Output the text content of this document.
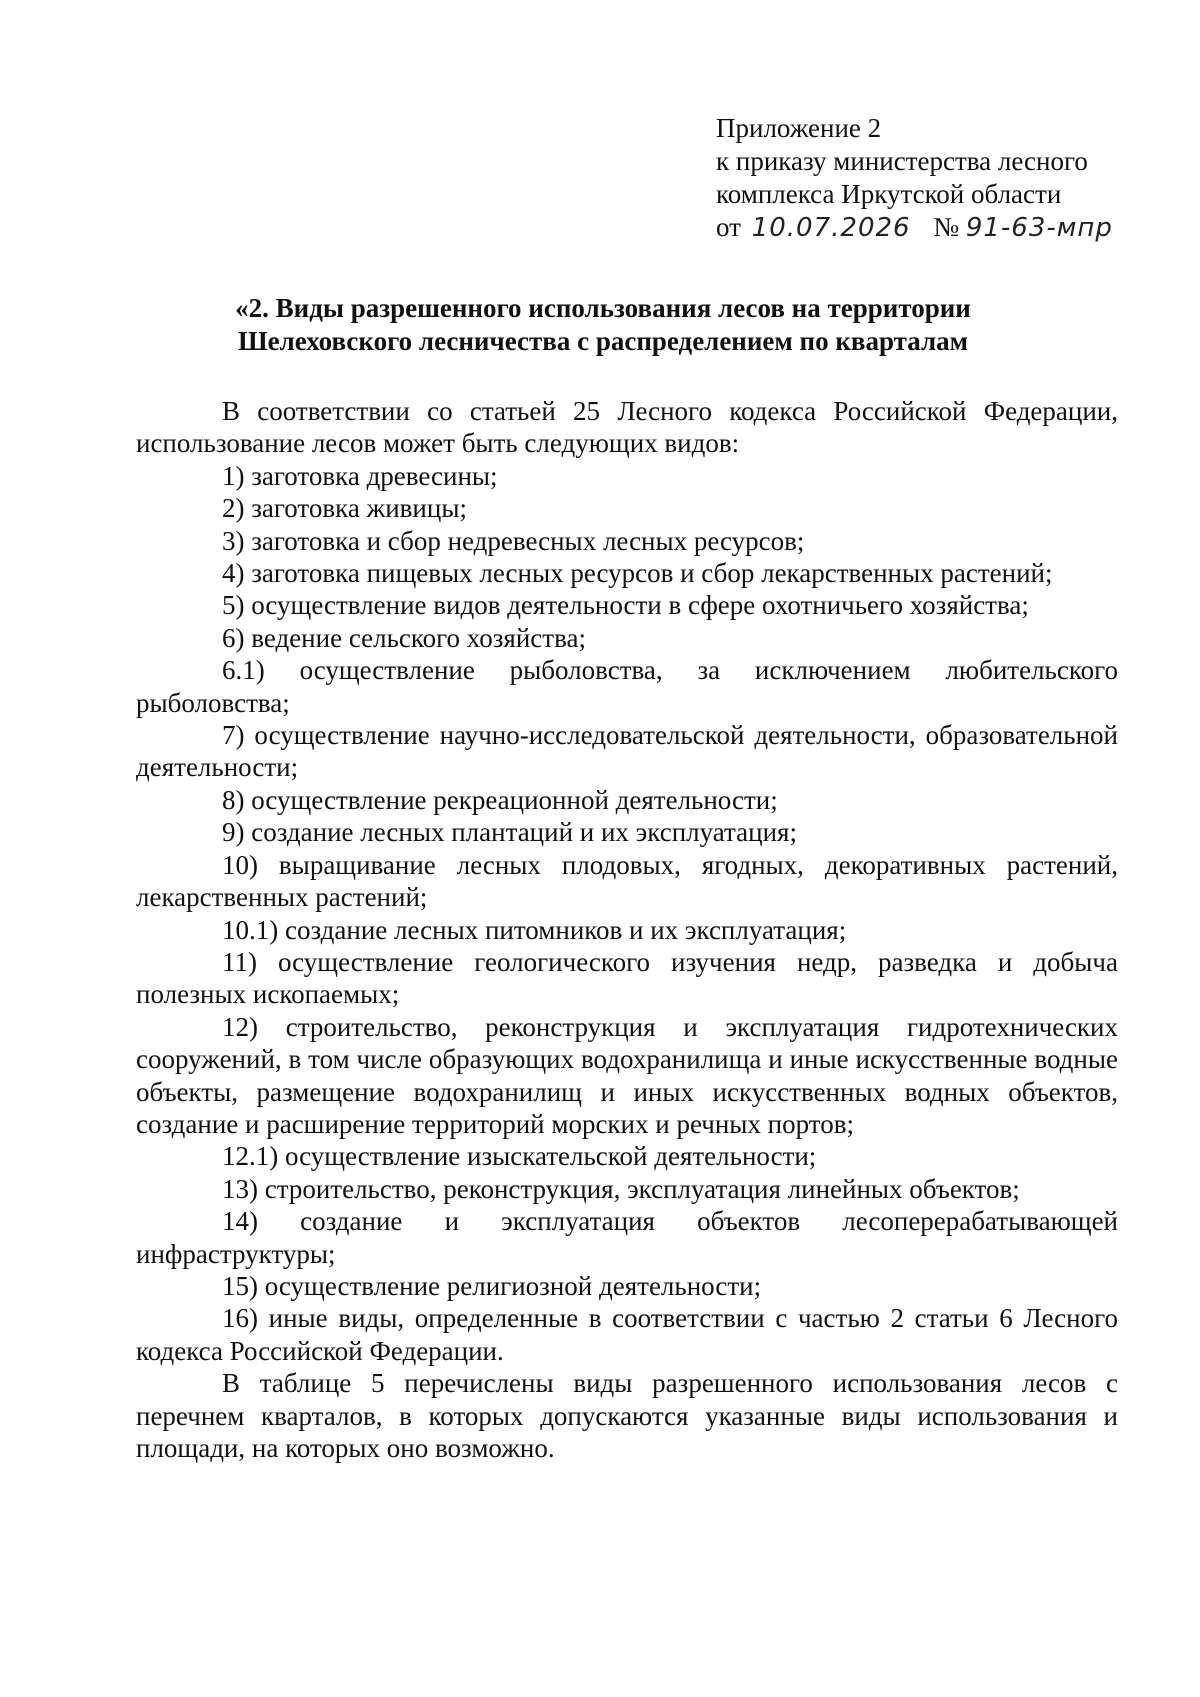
Приложение 2
к приказу министерства лесного
комплекса Иркутской области
от 10.07.2026 № 91-63-мпр
«2. Виды разрешенного использования лесов на территории
Шелеховского лесничества с распределением по кварталам

В соответствии со статьей 25 Лесного кодекса Российской Федерации, использование лесов может быть следующих видов:

1) заготовка древесины;

2) заготовка живицы;

3) заготовка и сбор недревесных лесных ресурсов;

4) заготовка пищевых лесных ресурсов и сбор лекарственных растений;

5) осуществление видов деятельности в сфере охотничьего хозяйства;

6) ведение сельского хозяйства;

6.1) осуществление рыболовства, за исключением любительского рыболовства;

7) осуществление научно-исследовательской деятельности, образовательной деятельности;

8) осуществление рекреационной деятельности;

9) создание лесных плантаций и их эксплуатация;

10) выращивание лесных плодовых, ягодных, декоративных растений, лекарственных растений;

10.1) создание лесных питомников и их эксплуатация;

11) осуществление геологического изучения недр, разведка и добыча полезных ископаемых;

12) строительство, реконструкция и эксплуатация гидротехнических сооружений, в том числе образующих водохранилища и иные искусственные водные объекты, размещение водохранилищ и иных искусственных водных объектов, создание и расширение территорий морских и речных портов;

12.1) осуществление изыскательской деятельности;

13) строительство, реконструкция, эксплуатация линейных объектов;

14) создание и эксплуатация объектов лесоперерабатывающей инфраструктуры;

15) осуществление религиозной деятельности;

16) иные виды, определенные в соответствии с частью 2 статьи 6 Лесного кодекса Российской Федерации.

В таблице 5 перечислены виды разрешенного использования лесов с перечнем кварталов, в которых допускаются указанные виды использования и площади, на которых оно возможно.
